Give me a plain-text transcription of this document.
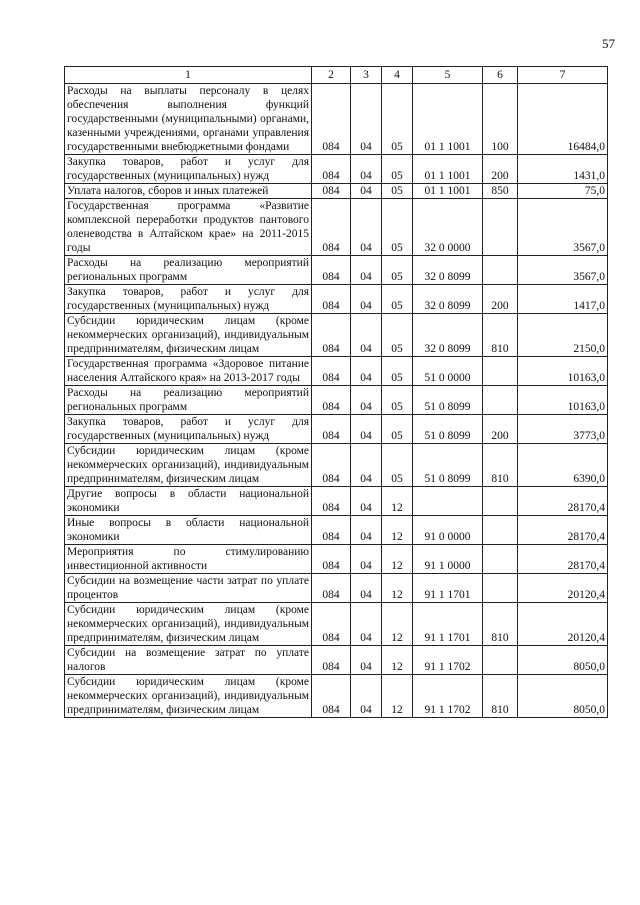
57
1	2	3	4	5	6	7
Расходы на выплаты персоналу в целях обеспечения выполнения функций государственными (муниципальными) органами, казенными учреждениями, органами управления государственными внебюджетными фондами	084	04	05	01 1 1001	100	16484,0
Закупка товаров, работ и услуг для государственных (муниципальных) нужд	084	04	05	01 1 1001	200	1431,0
Уплата налогов, сборов и иных платежей	084	04	05	01 1 1001	850	75,0
Государственная программа «Развитие комплексной переработки продуктов пантового оленеводства в Алтайском крае» на 2011-2015 годы	084	04	05	32 0 0000		3567,0
Расходы на реализацию мероприятий региональных программ	084	04	05	32 0 8099		3567,0
Закупка товаров, работ и услуг для государственных (муниципальных) нужд	084	04	05	32 0 8099	200	1417,0
Субсидии юридическим лицам (кроме некоммерческих организаций), индивидуальным предпринимателям, физическим лицам	084	04	05	32 0 8099	810	2150,0
Государственная программа «Здоровое питание населения Алтайского края» на 2013-2017 годы	084	04	05	51 0 0000		10163,0
Расходы на реализацию мероприятий региональных программ	084	04	05	51 0 8099		10163,0
Закупка товаров, работ и услуг для государственных (муниципальных) нужд	084	04	05	51 0 8099	200	3773,0
Субсидии юридическим лицам (кроме некоммерческих организаций), индивидуальным предпринимателям, физическим лицам	084	04	05	51 0 8099	810	6390,0
Другие вопросы в области национальной экономики	084	04	12			28170,4
Иные вопросы в области национальной экономики	084	04	12	91 0 0000		28170,4
Мероприятия по стимулированию инвестиционной активности	084	04	12	91 1 0000		28170,4
Субсидии на возмещение части затрат по уплате процентов	084	04	12	91 1 1701		20120,4
Субсидии юридическим лицам (кроме некоммерческих организаций), индивидуальным предпринимателям, физическим лицам	084	04	12	91 1 1701	810	20120,4
Субсидии на возмещение затрат по уплате налогов	084	04	12	91 1 1702		8050,0
Субсидии юридическим лицам (кроме некоммерческих организаций), индивидуальным предпринимателям, физическим лицам	084	04	12	91 1 1702	810	8050,0
